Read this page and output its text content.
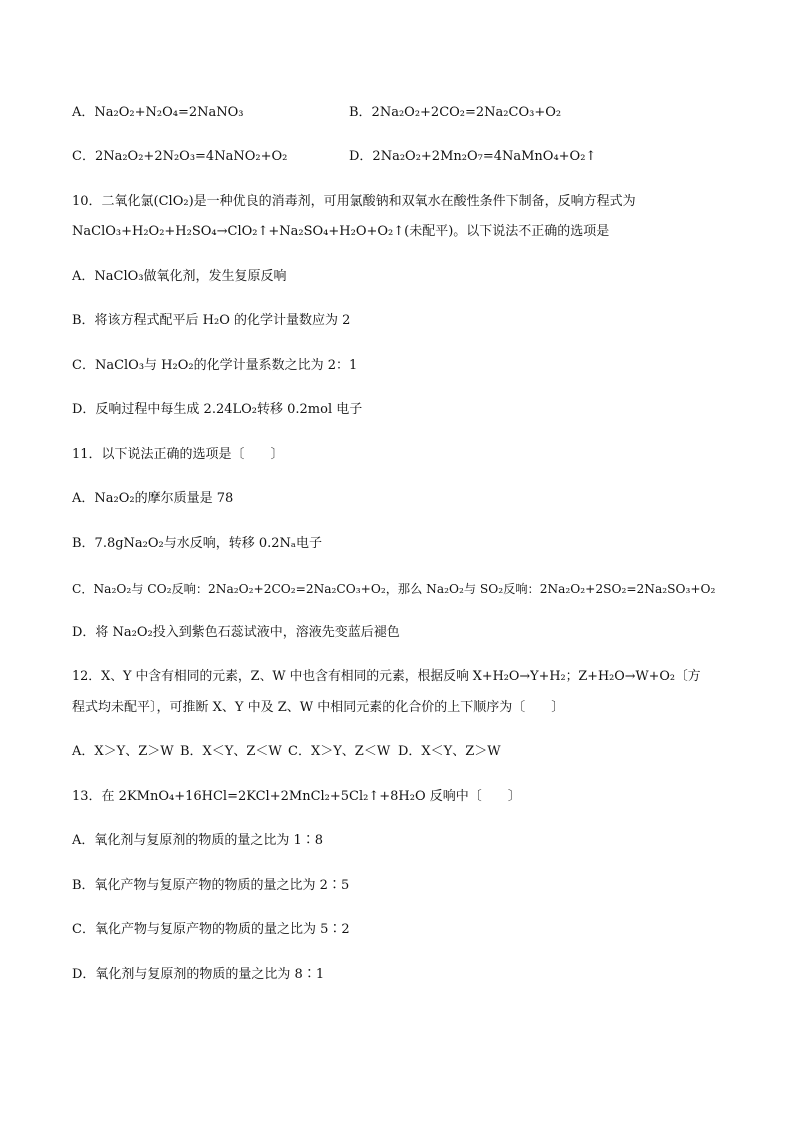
A．Na₂O₂+N₂O₄=2NaNO₃	B．2Na₂O₂+2CO₂=2Na₂CO₃+O₂
C．2Na₂O₂+2N₂O₃=4NaNO₂+O₂	D．2Na₂O₂+2Mn₂O₇=4NaMnO₄+O₂↑
10．二氧化氯(ClO₂)是一种优良的消毒剂，可用氯酸钠和双氧水在酸性条件下制备，反响方程式为
NaClO₃+H₂O₂+H₂SO₄→ClO₂↑+Na₂SO₄+H₂O+O₂↑(未配平)。以下说法不正确的选项是
A．NaClO₃做氧化剂，发生复原反响
B．将该方程式配平后 H₂O 的化学计量数应为 2
C．NaClO₃与 H₂O₂的化学计量系数之比为 2：1
D．反响过程中每生成 2.24LO₂转移 0.2mol 电子
11．以下说法正确的选项是〔　　〕
A．Na₂O₂的摩尔质量是 78
B．7.8gNa₂O₂与水反响，转移 0.2Nₐ电子
C．Na₂O₂与 CO₂反响：2Na₂O₂+2CO₂=2Na₂CO₃+O₂，那么 Na₂O₂与 SO₂反响：2Na₂O₂+2SO₂=2Na₂SO₃+O₂
D．将 Na₂O₂投入到紫色石蕊试液中，溶液先变蓝后褪色
12．X、Y 中含有相同的元素，Z、W 中也含有相同的元素，根据反响 X+H₂O→Y+H₂；Z+H₂O→W+O₂〔方
程式均未配平〕，可推断 X、Y 中及 Z、W 中相同元素的化合价的上下顺序为〔　　〕
A．X＞Y、Z＞W B．X＜Y、Z＜W C．X＞Y、Z＜W D．X＜Y、Z＞W
13．在 2KMnO₄+16HCl=2KCl+2MnCl₂+5Cl₂↑+8H₂O 反响中〔　　〕
A．氧化剂与复原剂的物质的量之比为 1∶8
B．氧化产物与复原产物的物质的量之比为 2∶5
C．氧化产物与复原产物的物质的量之比为 5∶2
D．氧化剂与复原剂的物质的量之比为 8∶1
